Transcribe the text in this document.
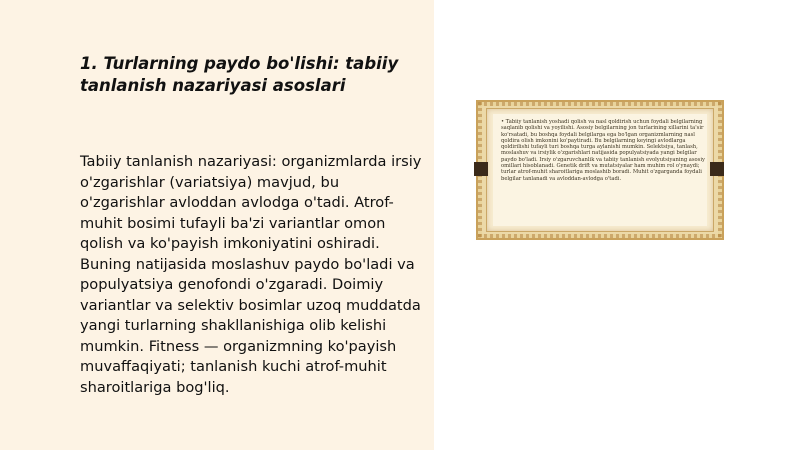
1. Turlarning paydo bo'lishi: tabiiy tanlanish nazariyasi asoslari

Tabiiy tanlanish nazariyasi: organizmlarda irsiy o'zgarishlar (variatsiya) mavjud, bu o'zgarishlar avloddan avlodga o'tadi. Atrof-muhit bosimi tufayli ba'zi variantlar omon qolish va ko'payish imkoniyatini oshiradi. Buning natijasida moslashuv paydo bo'ladi va populyatsiya genofondi o'zgaradi. Doimiy variantlar va selektiv bosimlar uzoq muddatda yangi turlarning shakllanishiga olib kelishi mumkin. Fitness — organizmning ko'payish muvaffaqiyati; tanlanish kuchi atrof-muhit sharoitlariga bog'liq.

• Tabiiy tanlanish yoshadi qolish va nasl qoldirish uchun foydali belgilarning saqlanib qolishi va yoyilishi. Asosiy belgilarning jon turlarining xillarini ta'sir ko'rsatadi, bu boshqa foydali belgilarga ega bo'lgan organizmlarning nasl qoldira olish imkonini ko'paytiradi. Bu belgilarning keyingi avlodlarga qoldirilishi tufayli turi boshqa turga aylanishi mumkin. Selektsiya, tanlash, moslashuv va irsiylik o'zgarishlari natijasida populyatsiyada yangi belgilar paydo bo'ladi. Irsiy o'zgaruvchanlik va tabiiy tanlanish evolyutsiyaning asosiy omillari hisoblanadi. Genetik drift va mutatsiyalar ham muhim rol o'ynaydi; turlar atrof-muhit sharoitlariga moslashib boradi. Muhit o'zgarganda foydali belgilar tanlanadi va avloddan-avlodga o'tadi.
